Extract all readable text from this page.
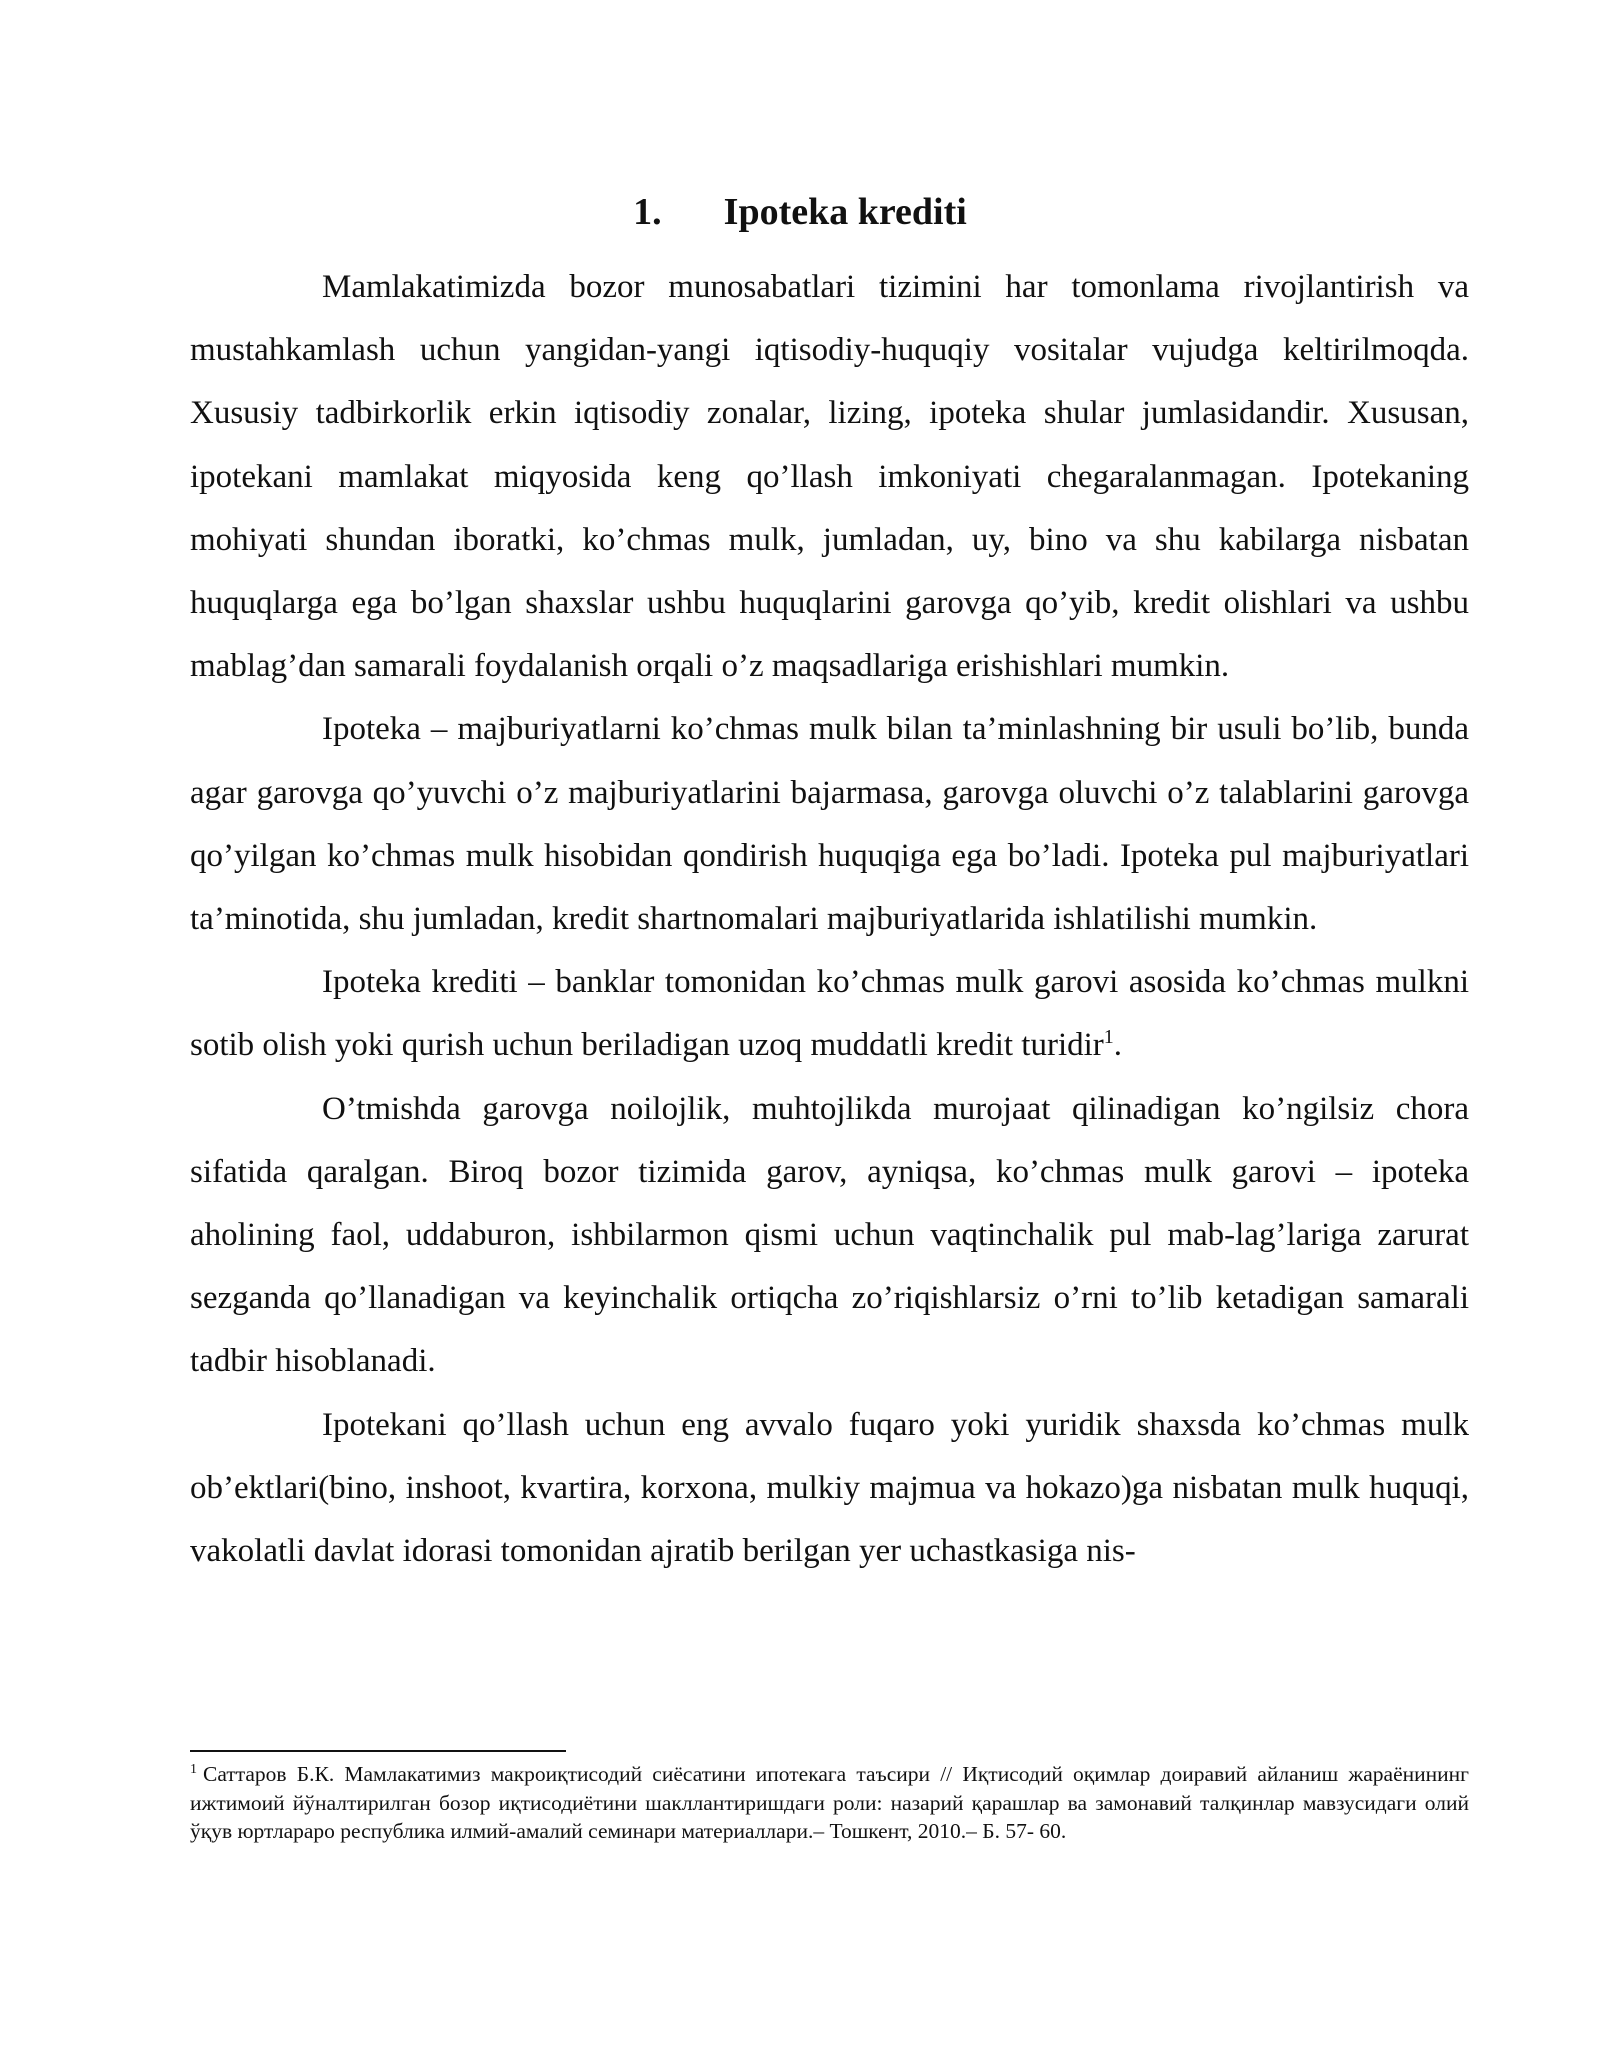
1. Ipoteka krediti

Mamlakatimizda bozor munosabatlari tizimini har tomonlama rivojlantirish va mustahkamlash uchun yangidan-yangi iqtisodiy-huquqiy vositalar vujudga keltirilmoqda. Xususiy tadbirkorlik erkin iqtisodiy zonalar, lizing, ipoteka shular jumlasidandir. Xususan, ipotekani mamlakat miqyosida keng qo’llash imkoniyati chegaralanmagan. Ipotekaning mohiyati shundan iboratki, ko’chmas mulk, jumladan, uy, bino va shu kabilarga nisbatan huquqlarga ega bo’lgan shaxslar ushbu huquqlarini garovga qo’yib, kredit olishlari va ushbu mablag’dan samarali foydalanish orqali o’z maqsadlariga erishishlari mumkin.

Ipoteka – majburiyatlarni ko’chmas mulk bilan ta’minlashning bir usuli bo’lib, bunda agar garovga qo’yuvchi o’z majburiyatlarini bajarmasa, garovga oluvchi o’z talablarini garovga qo’yilgan ko’chmas mulk hisobidan qondirish huquqiga ega bo’ladi. Ipoteka pul majburiyatlari ta’minotida, shu jumladan, kredit shartnomalari majburiyatlarida ishlatilishi mumkin.

Ipoteka krediti – banklar tomonidan ko’chmas mulk garovi asosida ko’chmas mulkni sotib olish yoki qurish uchun beriladigan uzoq muddatli kredit turidir$^1$.

O’tmishda garovga noilojlik, muhtojlikda murojaat qilinadigan ko’ngilsiz chora sifatida qaralgan. Biroq bozor tizimida garov, ayniqsa, ko’chmas mulk garovi – ipoteka aholining faol, uddaburon, ishbilarmon qismi uchun vaqtinchalik pul mab-lag’lariga zarurat sezganda qo’llanadigan va keyinchalik ortiqcha zo’riqishlarsiz o’rni to’lib ketadigan samarali tadbir hisoblanadi.

Ipotekani qo’llash uchun eng avvalo fuqaro yoki yuridik shaxsda ko’chmas mulk ob’ektlari(bino, inshoot, kvartira, korxona, mulkiy majmua va hokazo)ga nisbatan mulk huquqi, vakolatli davlat idorasi tomonidan ajratib berilgan yer uchastkasiga nis-

$^1$ Саттаров Б.К. Мамлакатимиз макроиқтисодий сиёсатини ипотекага таъсири // Иқтисодий оқимлар доиравий айланиш жараёнининг ижтимоий йўналтирилган бозор иқтисодиётини шакллантиришдаги роли: назарий қарашлар ва замонавий талқинлар мавзусидаги олий ўқув юртлараро республика илмий-амалий семинари материаллари.– Тошкент, 2010.– Б. 57- 60.
